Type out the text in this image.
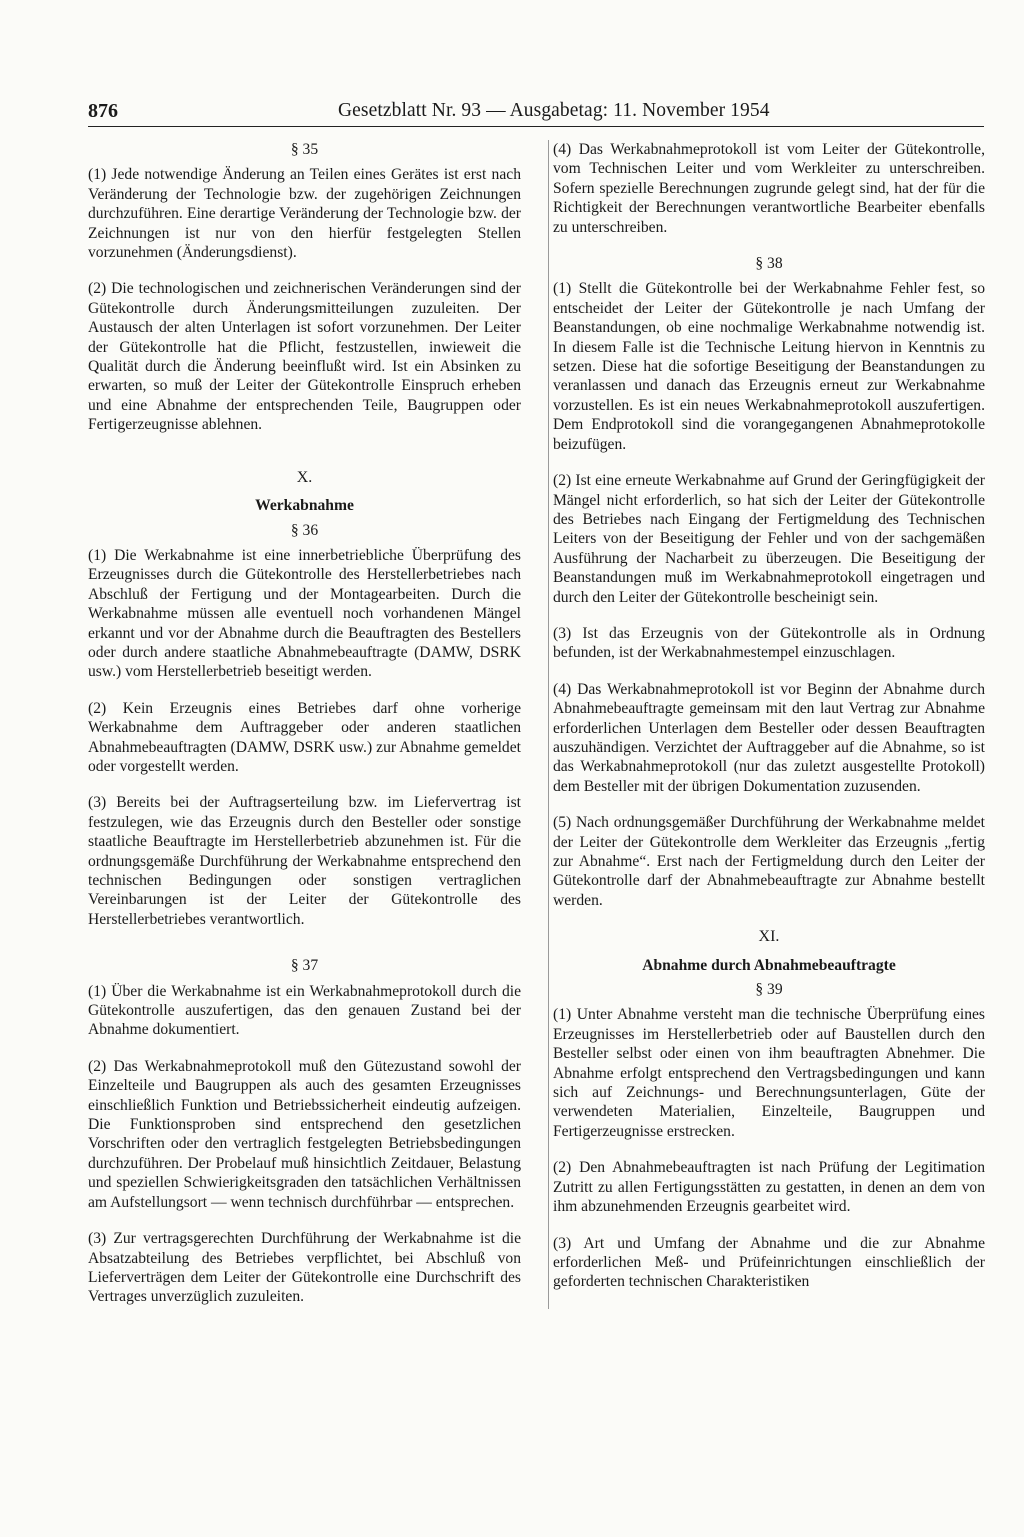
876	Gesetzblatt Nr. 93 — Ausgabetag: 11. November 1954
§ 35

(1) Jede notwendige Änderung an Teilen eines Gerätes ist erst nach Veränderung der Technologie bzw. der zugehörigen Zeichnungen durchzuführen. Eine derartige Veränderung der Technologie bzw. der Zeichnungen ist nur von den hierfür festgelegten Stellen vorzunehmen (Änderungsdienst).

(2) Die technologischen und zeichnerischen Veränderungen sind der Gütekontrolle durch Änderungsmitteilungen zuzuleiten. Der Austausch der alten Unterlagen ist sofort vorzunehmen. Der Leiter der Gütekontrolle hat die Pflicht, festzustellen, inwieweit die Qualität durch die Änderung beeinflußt wird. Ist ein Absinken zu erwarten, so muß der Leiter der Gütekontrolle Einspruch erheben und eine Abnahme der entsprechenden Teile, Baugruppen oder Fertigerzeugnisse ablehnen.

X.
Werkabnahme
§ 36

(1) Die Werkabnahme ist eine innerbetriebliche Überprüfung des Erzeugnisses durch die Gütekontrolle des Herstellerbetriebes nach Abschluß der Fertigung und der Montagearbeiten. Durch die Werkabnahme müssen alle eventuell noch vorhandenen Mängel erkannt und vor der Abnahme durch die Beauftragten des Bestellers oder durch andere staatliche Abnahmebeauftragte (DAMW, DSRK usw.) vom Herstellerbetrieb beseitigt werden.

(2) Kein Erzeugnis eines Betriebes darf ohne vorherige Werkabnahme dem Auftraggeber oder anderen staatlichen Abnahmebeauftragten (DAMW, DSRK usw.) zur Abnahme gemeldet oder vorgestellt werden.

(3) Bereits bei der Auftragserteilung bzw. im Liefervertrag ist festzulegen, wie das Erzeugnis durch den Besteller oder sonstige staatliche Beauftragte im Herstellerbetrieb abzunehmen ist. Für die ordnungsgemäße Durchführung der Werkabnahme entsprechend den technischen Bedingungen oder sonstigen vertraglichen Vereinbarungen ist der Leiter der Gütekontrolle des Herstellerbetriebes verantwortlich.

§ 37

(1) Über die Werkabnahme ist ein Werkabnahmeprotokoll durch die Gütekontrolle auszufertigen, das den genauen Zustand bei der Abnahme dokumentiert.

(2) Das Werkabnahmeprotokoll muß den Gütezustand sowohl der Einzelteile und Baugruppen als auch des gesamten Erzeugnisses einschließlich Funktion und Betriebssicherheit eindeutig aufzeigen. Die Funktionsproben sind entsprechend den gesetzlichen Vorschriften oder den vertraglich festgelegten Betriebsbedingungen durchzuführen. Der Probelauf muß hinsichtlich Zeitdauer, Belastung und speziellen Schwierigkeitsgraden den tatsächlichen Verhältnissen am Aufstellungsort — wenn technisch durchführbar — entsprechen.

(3) Zur vertragsgerechten Durchführung der Werkabnahme ist die Absatzabteilung des Betriebes verpflichtet, bei Abschluß von Lieferverträgen dem Leiter der Gütekontrolle eine Durchschrift des Vertrages unverzüglich zuzuleiten.

(4) Das Werkabnahmeprotokoll ist vom Leiter der Gütekontrolle, vom Technischen Leiter und vom Werkleiter zu unterschreiben. Sofern spezielle Berechnungen zugrunde gelegt sind, hat der für die Richtigkeit der Berechnungen verantwortliche Bearbeiter ebenfalls zu unterschreiben.

§ 38

(1) Stellt die Gütekontrolle bei der Werkabnahme Fehler fest, so entscheidet der Leiter der Gütekontrolle je nach Umfang der Beanstandungen, ob eine nochmalige Werkabnahme notwendig ist. In diesem Falle ist die Technische Leitung hiervon in Kenntnis zu setzen. Diese hat die sofortige Beseitigung der Beanstandungen zu veranlassen und danach das Erzeugnis erneut zur Werkabnahme vorzustellen. Es ist ein neues Werkabnahmeprotokoll auszufertigen. Dem Endprotokoll sind die vorangegangenen Abnahmeprotokolle beizufügen.

(2) Ist eine erneute Werkabnahme auf Grund der Geringfügigkeit der Mängel nicht erforderlich, so hat sich der Leiter der Gütekontrolle des Betriebes nach Eingang der Fertigmeldung des Technischen Leiters von der Beseitigung der Fehler und von der sachgemäßen Ausführung der Nacharbeit zu überzeugen. Die Beseitigung der Beanstandungen muß im Werkabnahmeprotokoll eingetragen und durch den Leiter der Gütekontrolle bescheinigt sein.

(3) Ist das Erzeugnis von der Gütekontrolle als in Ordnung befunden, ist der Werkabnahmestempel einzuschlagen.

(4) Das Werkabnahmeprotokoll ist vor Beginn der Abnahme durch Abnahmebeauftragte gemeinsam mit den laut Vertrag zur Abnahme erforderlichen Unterlagen dem Besteller oder dessen Beauftragten auszuhändigen. Verzichtet der Auftraggeber auf die Abnahme, so ist das Werkabnahmeprotokoll (nur das zuletzt ausgestellte Protokoll) dem Besteller mit der übrigen Dokumentation zuzusenden.

(5) Nach ordnungsgemäßer Durchführung der Werkabnahme meldet der Leiter der Gütekontrolle dem Werkleiter das Erzeugnis „fertig zur Abnahme“. Erst nach der Fertigmeldung durch den Leiter der Gütekontrolle darf der Abnahmebeauftragte zur Abnahme bestellt werden.

XI.
Abnahme durch Abnahmebeauftragte
§ 39

(1) Unter Abnahme versteht man die technische Überprüfung eines Erzeugnisses im Herstellerbetrieb oder auf Baustellen durch den Besteller selbst oder einen von ihm beauftragten Abnehmer. Die Abnahme erfolgt entsprechend den Vertragsbedingungen und kann sich auf Zeichnungs- und Berechnungsunterlagen, Güte der verwendeten Materialien, Einzelteile, Baugruppen und Fertigerzeugnisse erstrecken.

(2) Den Abnahmebeauftragten ist nach Prüfung der Legitimation Zutritt zu allen Fertigungsstätten zu gestatten, in denen an dem von ihm abzunehmenden Erzeugnis gearbeitet wird.

(3) Art und Umfang der Abnahme und die zur Abnahme erforderlichen Meß- und Prüfeinrichtungen einschließlich der geforderten technischen Charakteristiken
